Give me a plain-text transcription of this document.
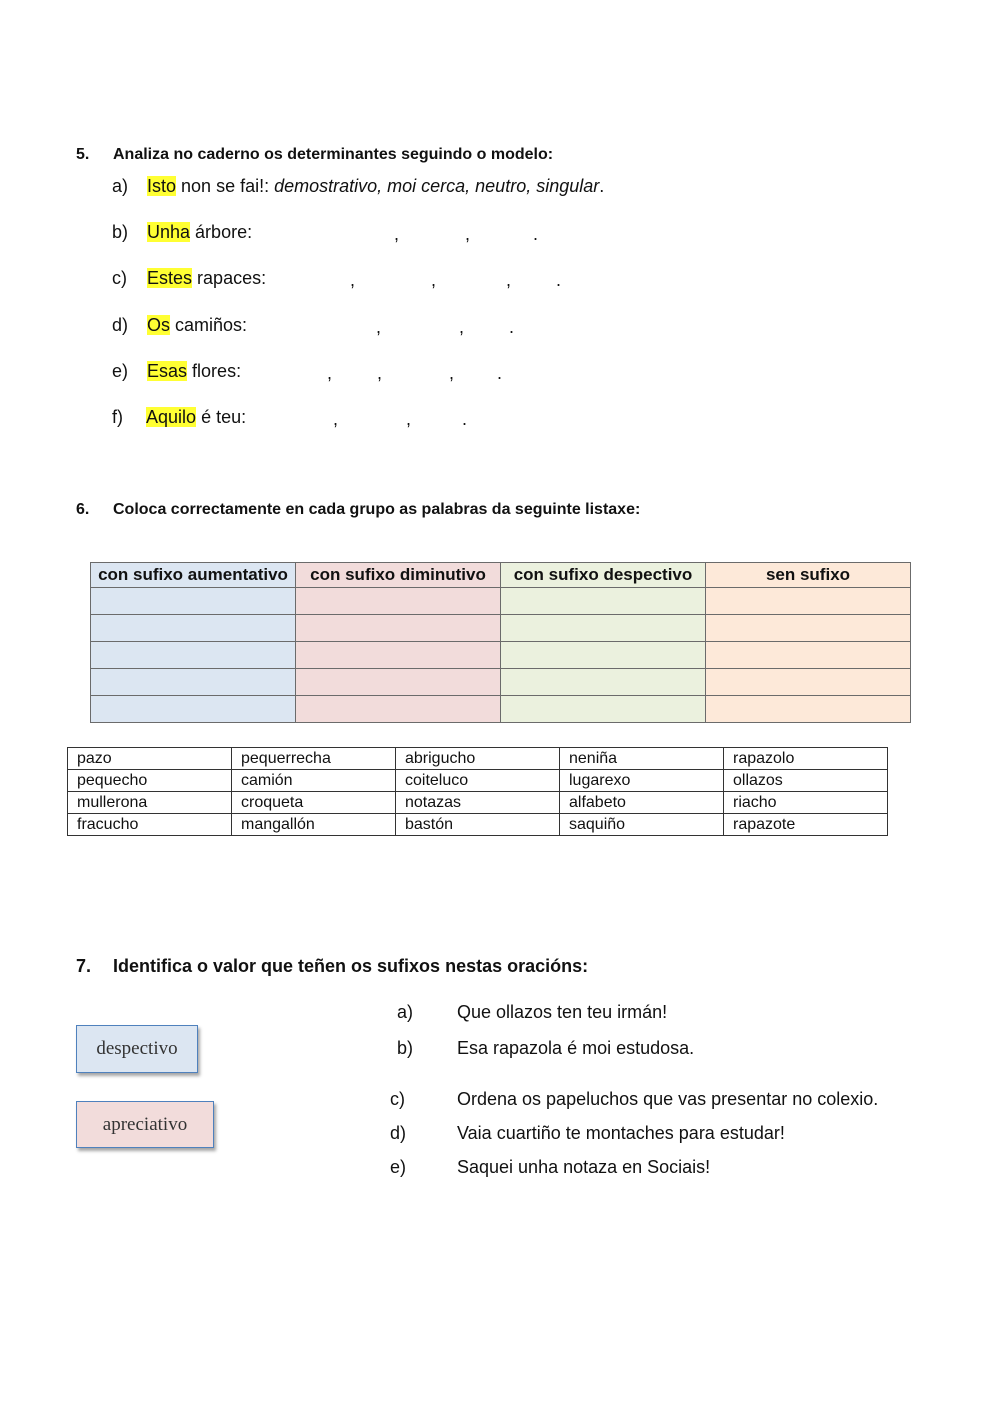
5. Analiza no caderno os determinantes seguindo o modelo:
a) Isto non se fai!: demostrativo, moi cerca, neutro, singular.
b) Unha árbore:	,	,	.
c) Estes rapaces:	,	,	, .
d) Os camiños:	,	, .
e) Esas flores:	, ,	, .
f) Aquilo é teu:	,	,	.
6. Coloca correctamente en cada grupo as palabras da seguinte listaxe:
con sufixo aumentativo	con sufixo diminutivo	con sufixo despectivo	sen sufixo

pazo	pequerrecha	abrigucho	neniña	rapazolo
pequecho	camión	coiteluco	lugarexo	ollazos
mullerona	croqueta	notazas	alfabeto	riacho
fracucho	mangallón	bastón	saquiño	rapazote
7. Identifica o valor que teñen os sufixos nestas oracións:
despectivo
apreciativo
a) Que ollazos ten teu irmán!
b) Esa rapazola é moi estudosa.
c)	Ordena os papeluchos que vas presentar no colexio.
d)	Vaia cuartiño te montaches para estudar!
e)	Saquei unha notaza en Sociais!
